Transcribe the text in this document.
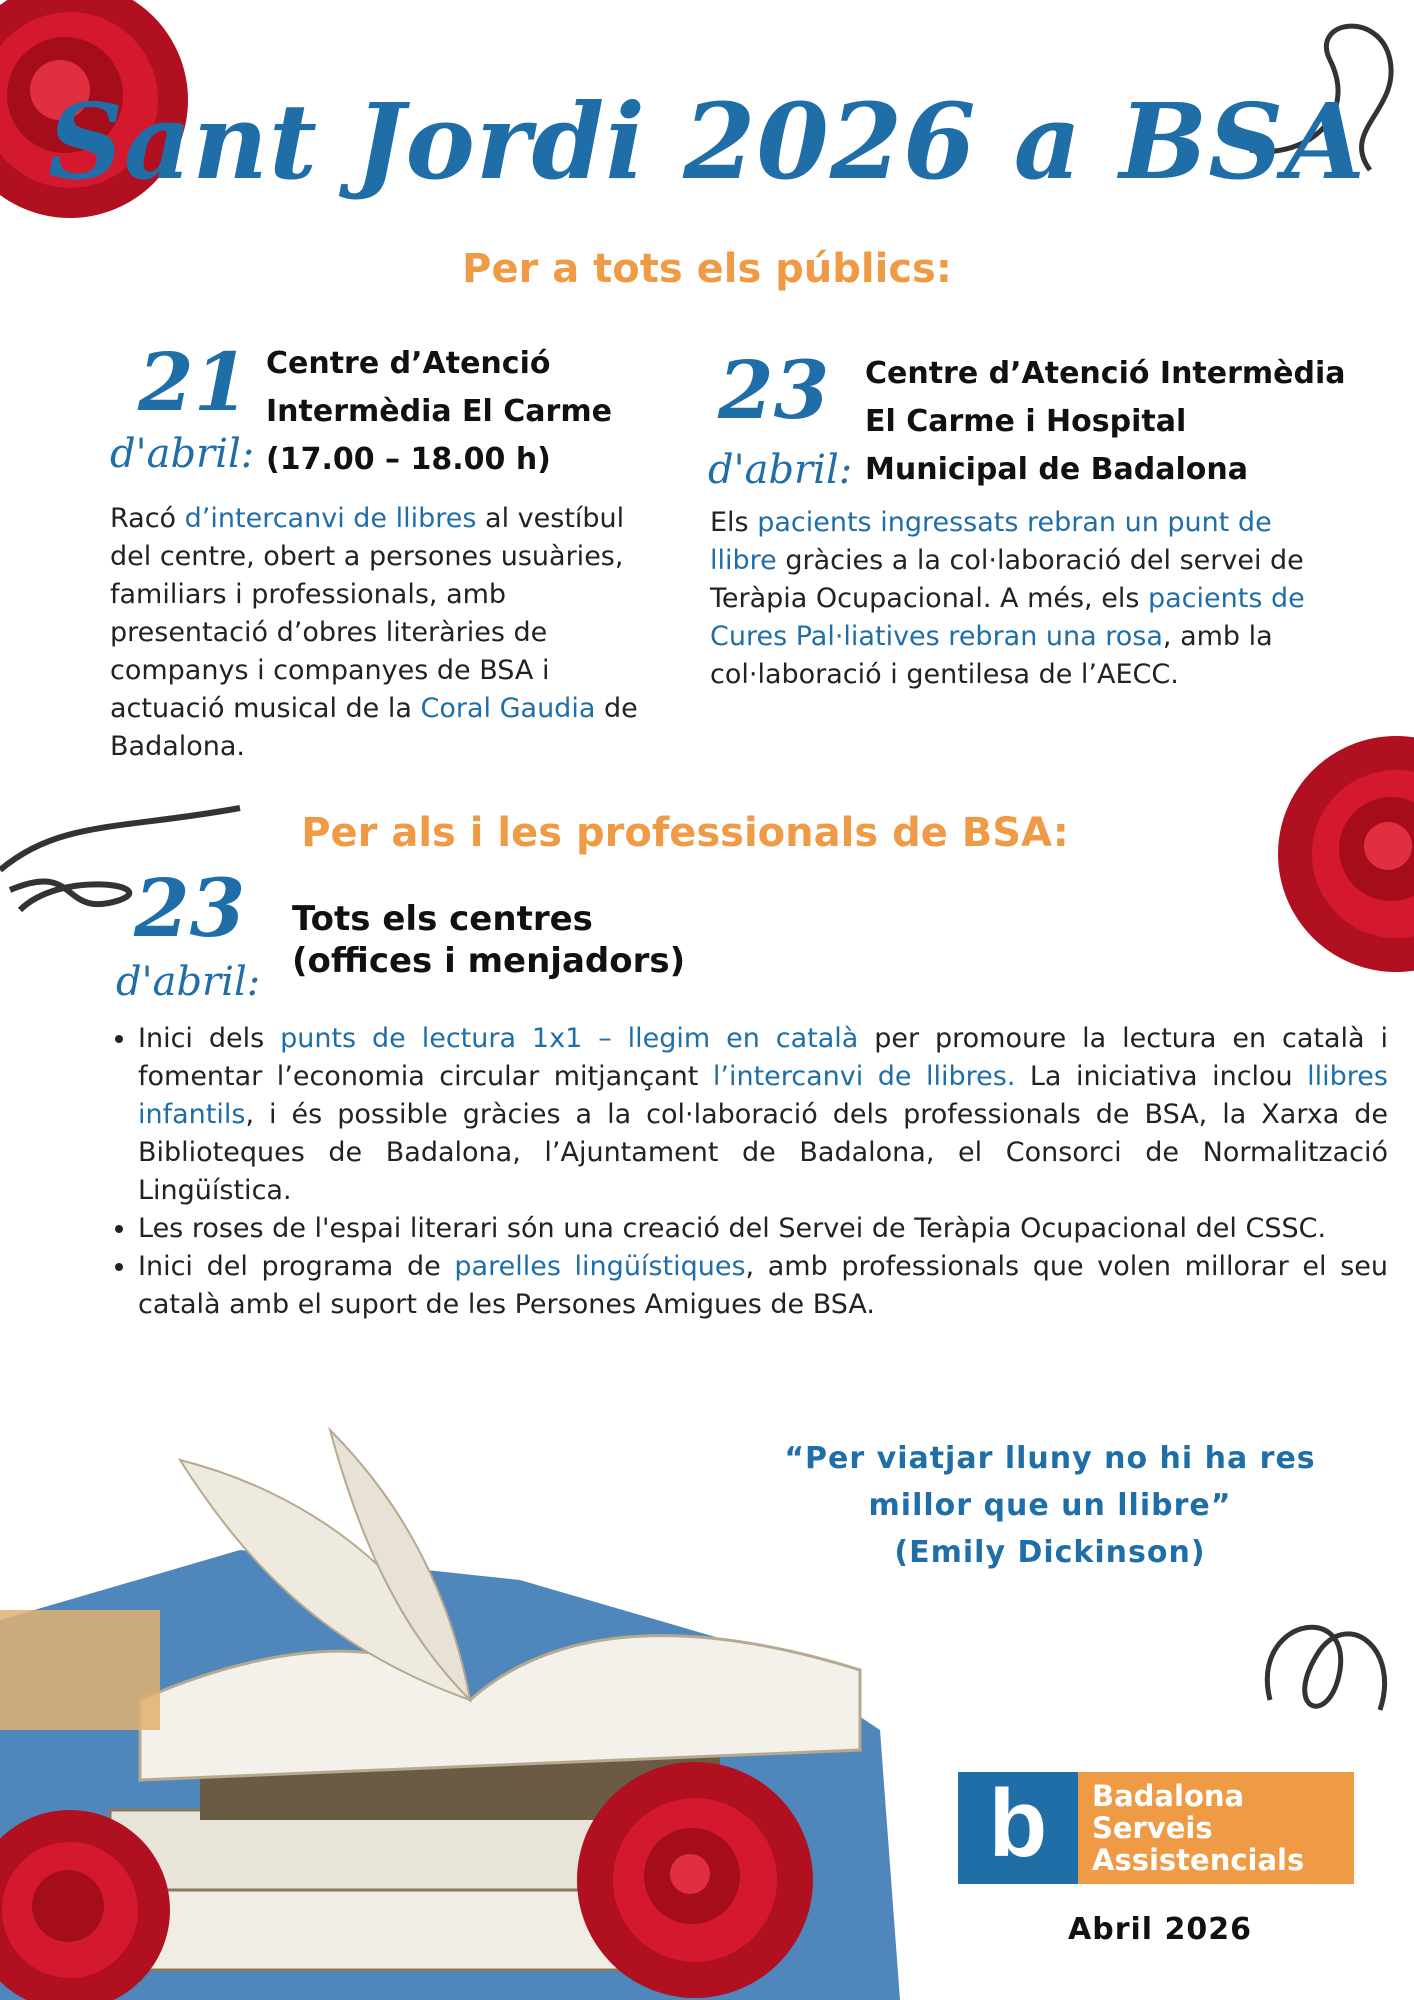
Sant Jordi 2026 a BSA
Per a tots els públics:
21
d'abril:
Centre d’Atenció
Intermèdia El Carme
(17.00 – 18.00 h)
Racó d’intercanvi de llibres al vestíbul del centre, obert a persones usuàries, familiars i professionals, amb presentació d’obres literàries de companys i companyes de BSA i actuació musical de la Coral Gaudia de Badalona.
23
d'abril:
Centre d’Atenció Intermèdia
El Carme i Hospital
Municipal de Badalona
Els pacients ingressats rebran un punt de llibre gràcies a la col·laboració del servei de Teràpia Ocupacional. A més, els pacients de Cures Pal·liatives rebran una rosa, amb la col·laboració i gentilesa de l’AECC.
Per als i les professionals de BSA:
23
d'abril:
Tots els centres
(offices i menjadors)
• Inici dels punts de lectura 1x1 – llegim en català per promoure la lectura en català i fomentar l’economia circular mitjançant l’intercanvi de llibres. La iniciativa inclou llibres infantils, i és possible gràcies a la col·laboració dels professionals de BSA, la Xarxa de Biblioteques de Badalona, l’Ajuntament de Badalona, el Consorci de Normalització Lingüística.
• Les roses de l'espai literari són una creació del Servei de Teràpia Ocupacional del CSSC.
• Inici del programa de parelles lingüístiques, amb professionals que volen millorar el seu català amb el suport de les Persones Amigues de BSA.
“Per viatjar lluny no hi ha res
millor que un llibre”
(Emily Dickinson)
b	Badalona
Serveis
Assistencials
Abril 2026
